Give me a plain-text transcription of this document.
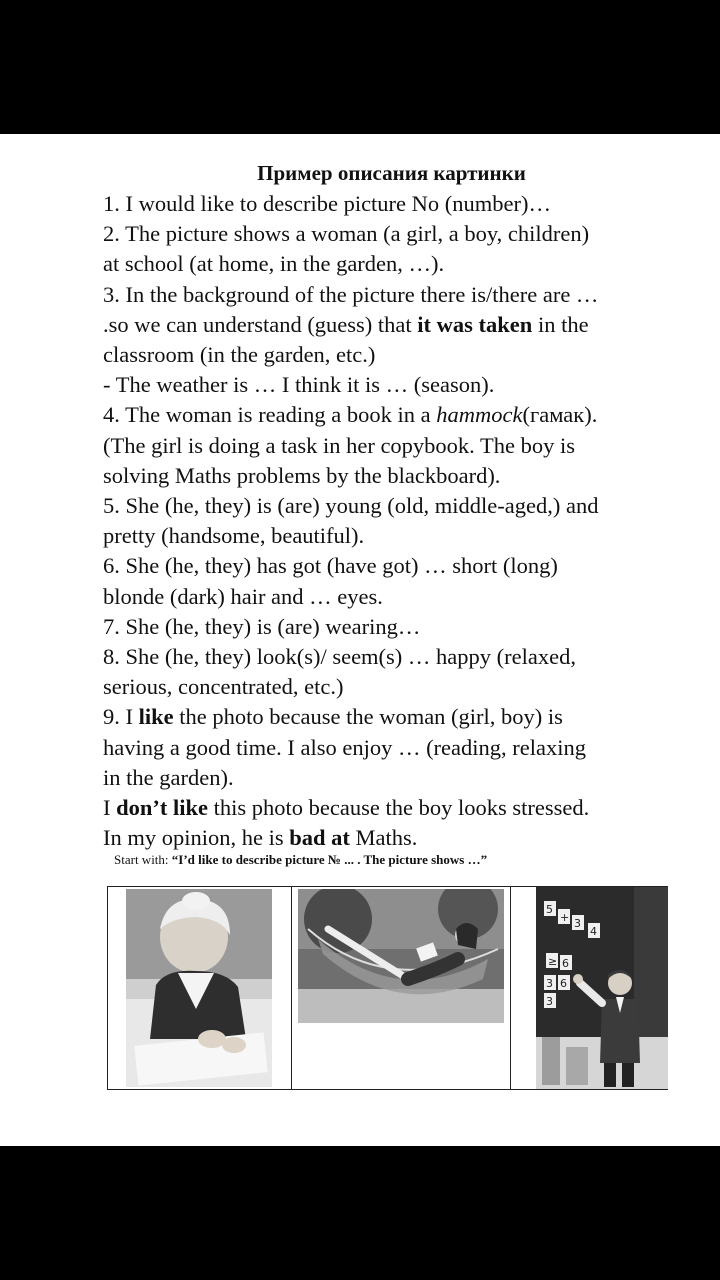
Пример описания картинки

1. I would like to describe picture No (number)…

2. The picture shows a woman (a girl, a boy, children)

at school (at home, in the garden, …).

3. In the background of the picture there is/there are …

.so we can understand (guess) that it was taken in the

classroom (in the garden, etc.)

- The weather is … I think it is … (season).

4. The woman is reading a book in a hammock(гамак).

(The girl is doing a task in her copybook. The boy is

solving Maths problems by the blackboard).

5. She (he, they) is (are) young (old, middle-aged,) and

pretty (handsome, beautiful).

6. She (he, they) has got (have got) … short (long)

blonde (dark) hair and … eyes.

7. She (he, they) is (are) wearing…

8. She (he, they) look(s)/ seem(s) … happy (relaxed,

serious, concentrated, etc.)

9. I like the photo because the woman (girl, boy) is

having a good time. I also enjoy … (reading, relaxing

in the garden).

I don’t like this photo because the boy looks stressed.

In my opinion, he is bad at Maths.

Start with: “I’d like to describe picture № ... . The picture shows …”
5
+ 3
4
≥ 6
3 6
3
